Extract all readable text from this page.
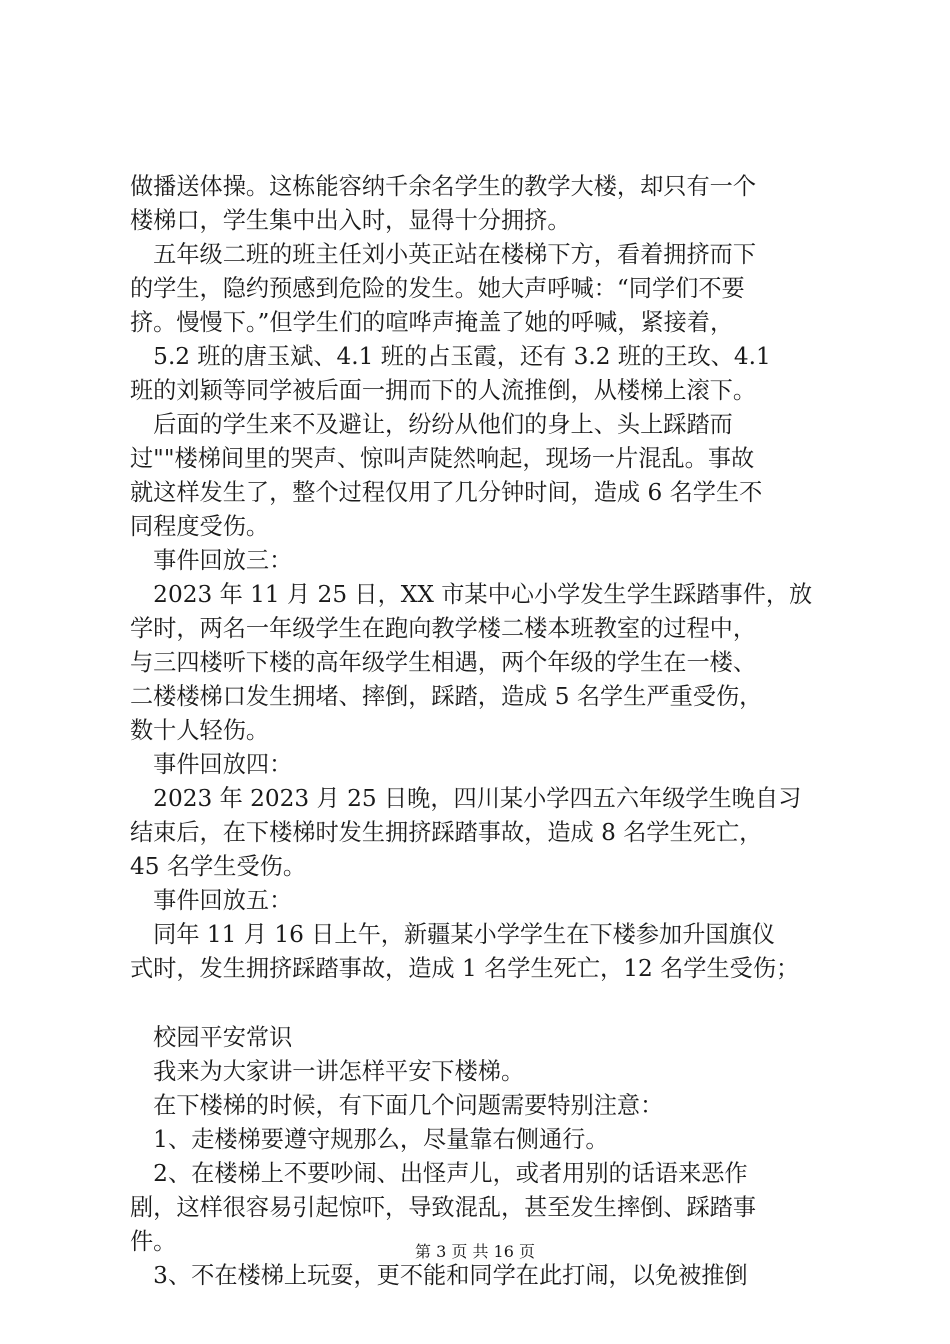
做播送体操。这栋能容纳千余名学生的教学大楼，却只有一个
楼梯口，学生集中出入时，显得十分拥挤。
　五年级二班的班主任刘小英正站在楼梯下方，看着拥挤而下
的学生，隐约预感到危险的发生。她大声呼喊：“同学们不要
挤。慢慢下。”但学生们的喧哗声掩盖了她的呼喊，紧接着，
　5.2 班的唐玉斌、4.1 班的占玉霞，还有 3.2 班的王玫、4.1
班的刘颖等同学被后面一拥而下的人流推倒，从楼梯上滚下。
　后面的学生来不及避让，纷纷从他们的身上、头上踩踏而
过""楼梯间里的哭声、惊叫声陡然响起，现场一片混乱。事故
就这样发生了，整个过程仅用了几分钟时间，造成 6 名学生不
同程度受伤。
　事件回放三：
　2023 年 11 月 25 日，XX 市某中心小学发生学生踩踏事件，放
学时，两名一年级学生在跑向教学楼二楼本班教室的过程中，
与三四楼听下楼的高年级学生相遇，两个年级的学生在一楼、
二楼楼梯口发生拥堵、摔倒，踩踏，造成 5 名学生严重受伤，
数十人轻伤。
　事件回放四：
　2023 年 2023 月 25 日晚，四川某小学四五六年级学生晚自习
结束后，在下楼梯时发生拥挤踩踏事故，造成 8 名学生死亡，
45 名学生受伤。
　事件回放五：
　同年 11 月 16 日上午，新疆某小学学生在下楼参加升国旗仪
式时，发生拥挤踩踏事故，造成 1 名学生死亡，12 名学生受伤；
　校园平安常识
　我来为大家讲一讲怎样平安下楼梯。
　在下楼梯的时候，有下面几个问题需要特别注意：
　1、走楼梯要遵守规那么，尽量靠右侧通行。
　2、在楼梯上不要吵闹、出怪声儿，或者用别的话语来恶作
剧，这样很容易引起惊吓，导致混乱，甚至发生摔倒、踩踏事
件。
　3、不在楼梯上玩耍，更不能和同学在此打闹，以免被推倒
第 3 页 共 16 页
